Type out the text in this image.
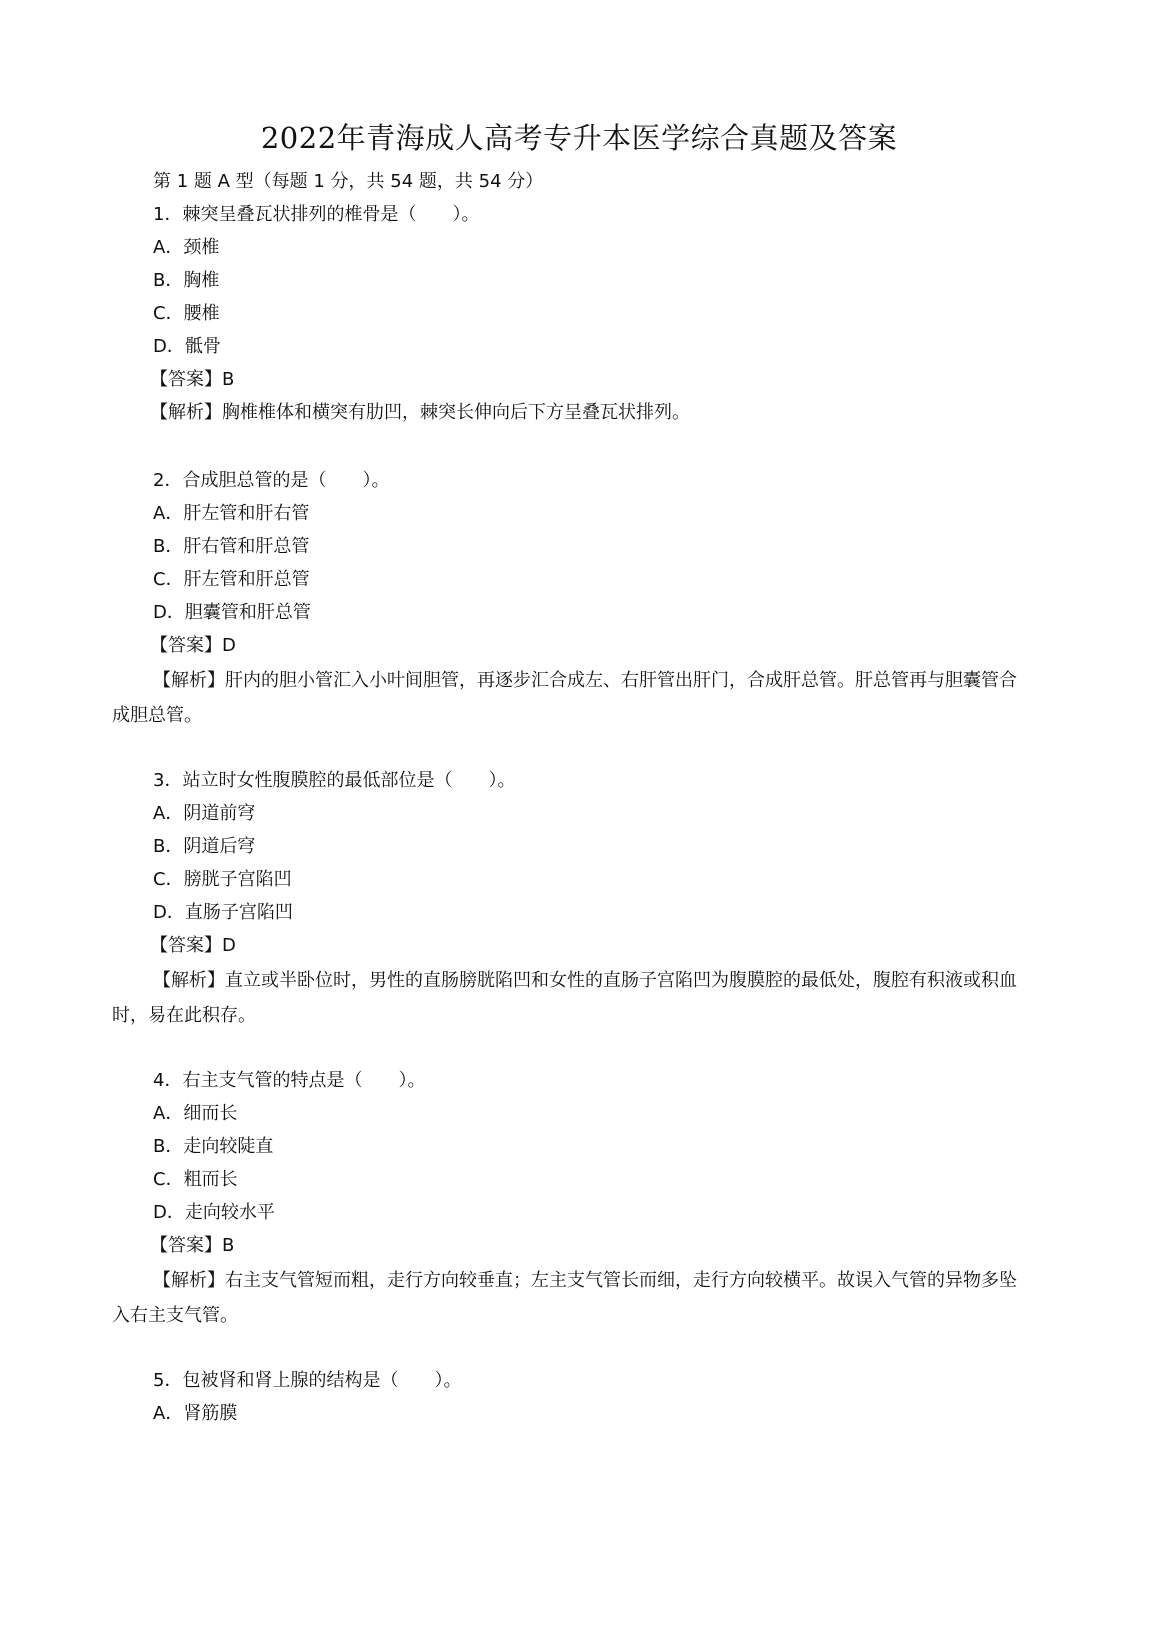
2022年青海成人高考专升本医学综合真题及答案
第 1 题 A 型（每题 1 分，共 54 题，共 54 分）
1．棘突呈叠瓦状排列的椎骨是（　　）。
A．颈椎
B．胸椎
C．腰椎
D．骶骨
【答案】B
【解析】胸椎椎体和横突有肋凹，棘突长伸向后下方呈叠瓦状排列。
2．合成胆总管的是（　　）。
A．肝左管和肝右管
B．肝右管和肝总管
C．肝左管和肝总管
D．胆囊管和肝总管
【答案】D
【解析】肝内的胆小管汇入小叶间胆管，再逐步汇合成左、右肝管出肝门，合成肝总管。肝总管再与胆囊管合成胆总管。
3．站立时女性腹膜腔的最低部位是（　　）。
A．阴道前穹
B．阴道后穹
C．膀胱子宫陷凹
D．直肠子宫陷凹
【答案】D
【解析】直立或半卧位时，男性的直肠膀胱陷凹和女性的直肠子宫陷凹为腹膜腔的最低处，腹腔有积液或积血时，易在此积存。
4．右主支气管的特点是（　　）。
A．细而长
B．走向较陡直
C．粗而长
D．走向较水平
【答案】B
【解析】右主支气管短而粗，走行方向较垂直；左主支气管长而细，走行方向较横平。故误入气管的异物多坠入右主支气管。
5．包被肾和肾上腺的结构是（　　）。
A．肾筋膜
